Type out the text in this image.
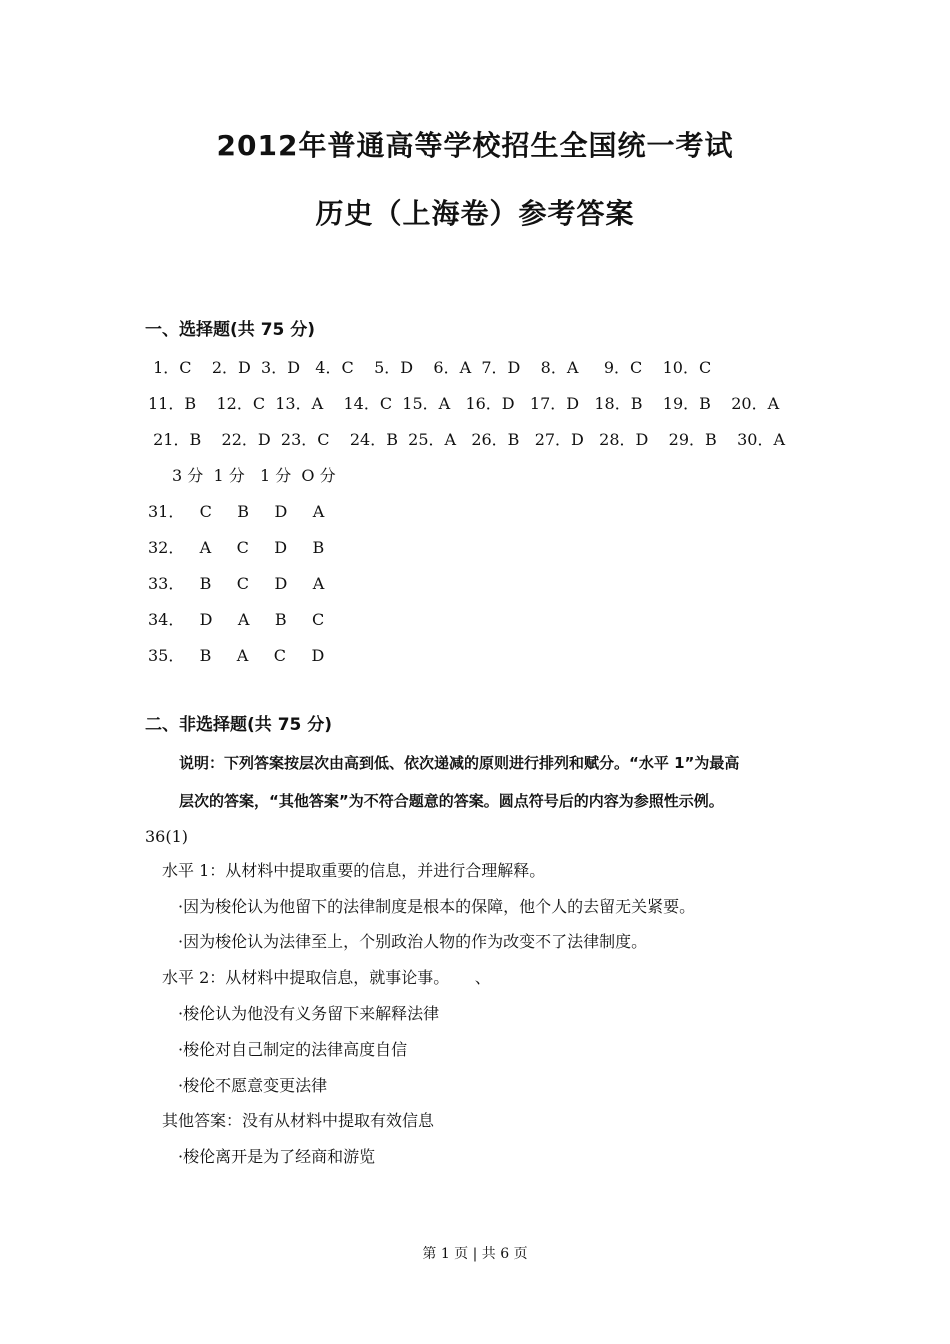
2012年普通高等学校招生全国统一考试
历史（上海卷）参考答案
一、选择题(共 75 分)
1．C    2．D  3．D   4．C    5．D    6．A  7．D    8．A     9．C    10．C
11．B    12．C  13．A    14．C  15．A   16．D   17．D   18．B    19．B    20．A
21．B    22．D  23．C    24．B  25．A   26．B   27．D   28．D    29．B    30．A
3 分  1 分   1 分  O 分
31．   C     B     D     A
32．   A     C     D     B
33．   B     C     D     A
34．   D     A     B     C
35．   B     A     C     D
二、非选择题(共 75 分)
说明：下列答案按层次由高到低、依次递减的原则进行排列和赋分。“水平 1”为最高
层次的答案，“其他答案”为不符合题意的答案。圆点符号后的内容为参照性示例。
36(1)
水平 1：从材料中提取重要的信息，并进行合理解释。
·因为梭伦认为他留下的法律制度是根本的保障，他个人的去留无关紧要。
·因为梭伦认为法律至上，个别政治人物的作为改变不了法律制度。
水平 2：从材料中提取信息，就事论事。     、
·梭伦认为他没有义务留下来解释法律
·梭伦对自己制定的法律高度自信
·梭伦不愿意变更法律
其他答案：没有从材料中提取有效信息
·梭伦离开是为了经商和游览
第 1 页 | 共 6 页
